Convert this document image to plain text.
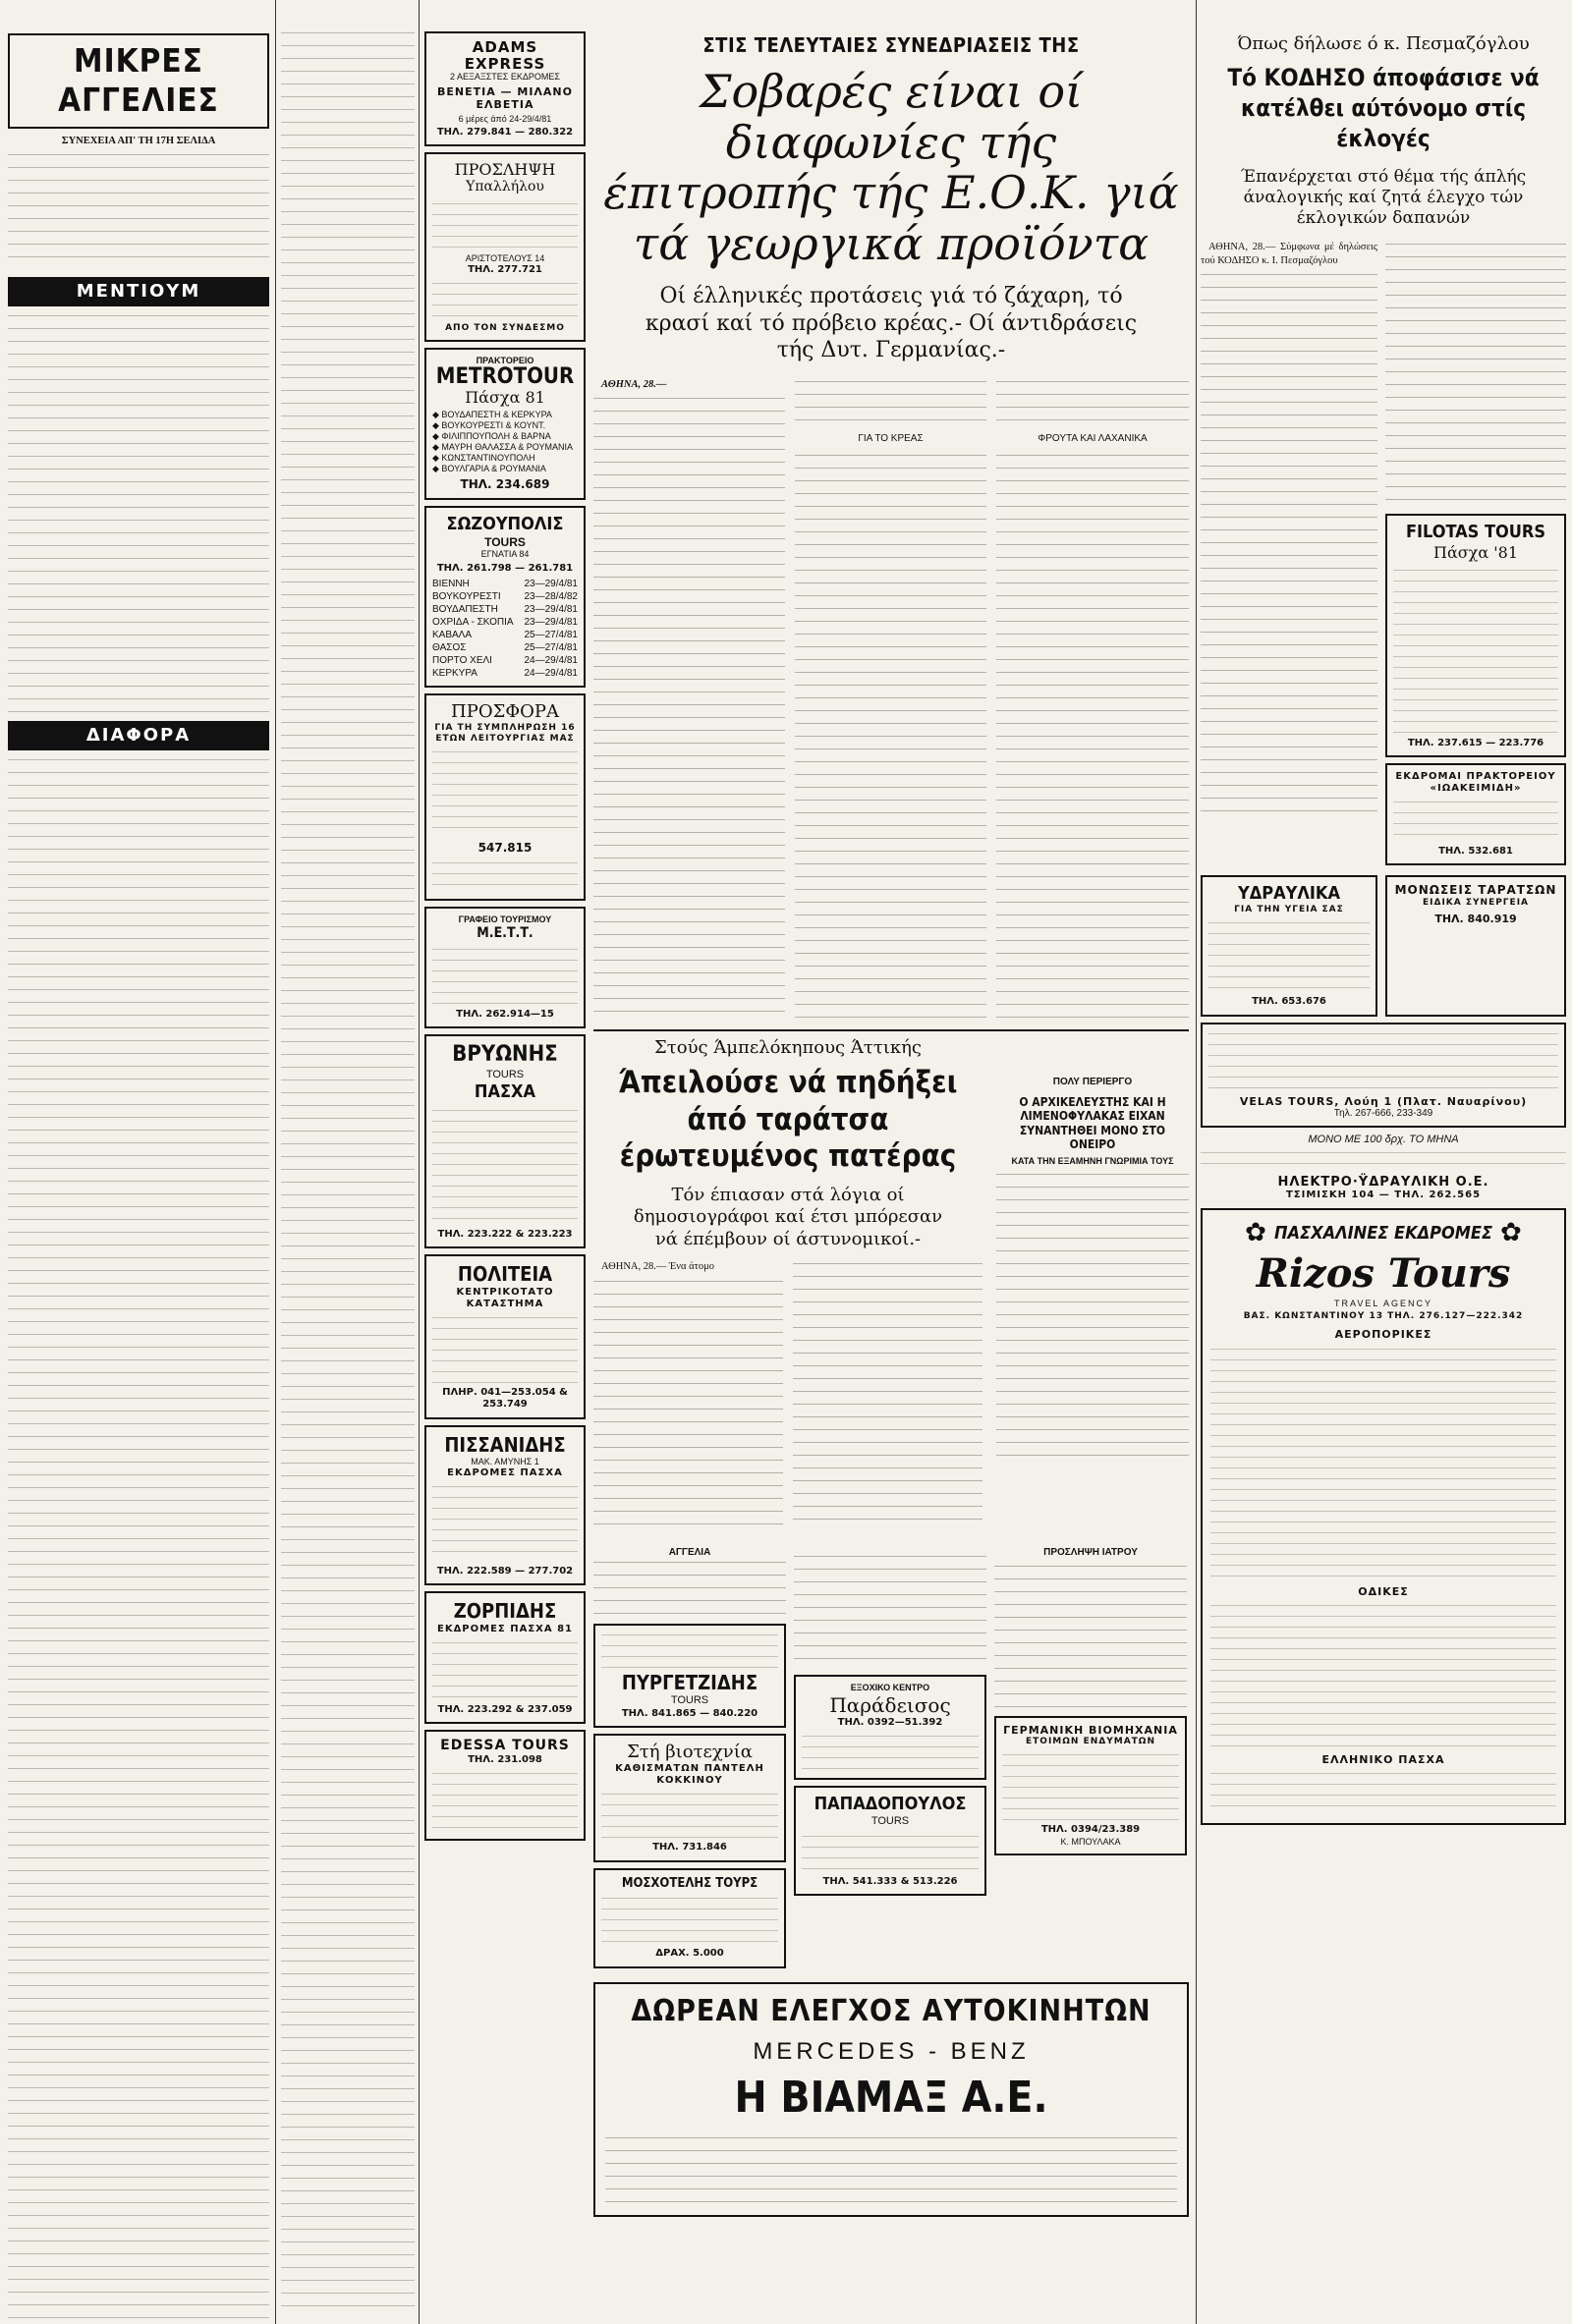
ΜΙΚΡΕΣ ΑΓΓΕΛΙΕΣ

ΣΥΝΕΧΕΙΑ ΑΠ' ΤΗ 17Η ΣΕΛΙΔΑ

ΜΕΝΤΙΟΥΜ
ΔΙΑΦΟΡΑ
ADAMS EXPRESS
2 ΑΕΞΑΞΣΤΕΣ ΕΚΔΡΟΜΕΣ
ΒΕΝΕΤΙΑ — ΜΙΛΑΝΟ ΕΛΒΕΤΙΑ
6 μέρες άπό 24-29/4/81
ΤΗΛ. 279.841 — 280.322
ΠΡΟΣΛΗΨΗ
Υπαλλήλου
ΑΡΙΣΤΟΤΕΛΟΥΣ 14
ΤΗΛ. 277.721
ΑΠΟ ΤΟΝ ΣΥΝΔΕΣΜΟ
ΠΡΑΚΤΟΡΕΙΟ
METROTOUR
Πάσχα 81
◆ ΒΟΥΔΑΠΕΣΤΗ & ΚΕΡΚΥΡΑ
◆ ΒΟΥΚΟΥΡΕΣΤΙ & ΚΟΥΝΤ.
◆ ΦΙΛΙΠΠΟΥΠΟΛΗ & ΒΑΡΝΑ
◆ ΜΑΥΡΗ ΘΑΛΑΣΣΑ & ΡΟΥΜΑΝΙΑ
◆ ΚΩΝΣΤΑΝΤΙΝΟΥΠΟΛΗ
◆ ΒΟΥΛΓΑΡΙΑ & ΡΟΥΜΑΝΙΑ
ΤΗΛ. 234.689
ΣΩΖΟΥΠΟΛΙΣ
TOURS
ΕΓΝΑΤΙΑ 84
ΤΗΛ. 261.798 — 261.781
ΒΙΕΝΝΗ	23—29/4/81
ΒΟΥΚΟΥΡΕΣΤΙ 23—28/4/82
ΒΟΥΔΑΠΕΣΤΗ	23—29/4/81
ΟΧΡΙΔΑ - ΣΚΟΠΙΑ 23—29/4/81
ΚΑΒΑΛΑ	25—27/4/81
ΘΑΣΟΣ	25—27/4/81
ΠΟΡΤΟ ΧΕΛΙ	24—29/4/81
ΚΕΡΚΥΡΑ	24—29/4/81
ΠΡΟΣΦΟΡΑ
ΓΙΑ ΤΗ ΣΥΜΠΛΗΡΩΣΗ 16 ΕΤΩΝ ΛΕΙΤΟΥΡΓΙΑΣ ΜΑΣ
547.815
ΓΡΑΦΕΙΟ ΤΟΥΡΙΣΜΟΥ
Μ.Ε.Τ.Τ.
ΤΗΛ. 262.914—15
ΒΡΥΩΝΗΣ
TOURS
ΠΑΣΧΑ
ΤΗΛ. 223.222 & 223.223
ΠΟΛΙΤΕΙΑ
ΚΕΝΤΡΙΚΟΤΑΤΟ ΚΑΤΑΣΤΗΜΑ
ΠΛΗΡ. 041—253.054 & 253.749
ΠΙΣΣΑΝΙΔΗΣ
ΜΑΚ. ΑΜΥΝΗΣ 1
ΕΚΔΡΟΜΕΣ ΠΑΣΧΑ
ΤΗΛ. 222.589 — 277.702
ΖΟΡΠΙΔΗΣ
ΕΚΔΡΟΜΕΣ ΠΑΣΧΑ 81
ΤΗΛ. 223.292 & 237.059
EDESSA TOURS
ΤΗΛ. 231.098
ΣΤΙΣ ΤΕΛΕΥΤΑΙΕΣ ΣΥΝΕΔΡΙΑΣΕΙΣ ΤΗΣ
Σοβαρές είναι οί διαφωνίες τής έπιτροπής τής Ε.Ο.Κ. γιά τά γεωργικά προϊόντα
Οί έλληνικές προτάσεις γιά τό ζάχαρη, τό κρασί καί τό πρόβειο κρέας.- Οί άντιδράσεις τής Δυτ. Γερμανίας.-

ΑΘΗΝΑ, 28.—

ΓΙΑ ΤΟ ΚΡΕΑΣ	ΦΡΟΥΤΑ ΚΑΙ ΛΑΧΑΝΙΚΑ
Στούς Άμπελόκηπους Άττικής
Άπειλούσε νά πηδήξει άπό ταράτσα έρωτευμένος πατέρας
Τόν έπιασαν στά λόγια οί δημοσιογράφοι καί έτσι μπόρεσαν νά έπέμβουν οί άστυνομικοί.-

ΑΘΗΝΑ, 28.— Ένα άτομο

ΠΟΛΥ ΠΕΡΙΕΡΓΟ
Ο ΑΡΧΙΚΕΛΕΥΣΤΗΣ ΚΑΙ Η ΛΙΜΕΝΟΦΥΛΑΚΑΣ ΕΙΧΑΝ ΣΥΝΑΝΤΗΘΕΙ ΜΟΝΟ ΣΤΟ ΟΝΕΙΡΟ
ΚΑΤΑ ΤΗΝ ΕΞΑΜΗΝΗ ΓΝΩΡΙΜΙΑ ΤΟΥΣ
ΑΓΓΕΛΙΑ
ΠΥΡΓΕΤΖΙΔΗΣ
TOURS
ΤΗΛ. 841.865 — 840.220
Στή βιοτεχνία
ΚΑΘΙΣΜΑΤΩΝ ΠΑΝΤΕΛΗ ΚΟΚΚΙΝΟΥ
ΤΗΛ. 731.846
ΜΟΣΧΟΤΕΛΗΣ ΤΟΥΡΣ
ΔΡΑΧ. 5.000
ΕΞΟΧΙΚΟ ΚΕΝΤΡΟ
Παράδεισος
ΤΗΛ. 0392—51.392
ΠΑΠΑΔΟΠΟΥΛΟΣ
TOURS
ΤΗΛ. 541.333 & 513.226
ΠΡΟΣΛΗΨΗ ΙΑΤΡΟΥ
ΓΕΡΜΑΝΙΚΗ ΒΙΟΜΗΧΑΝΙΑ
ΕΤΟΙΜΩΝ ΕΝΔΥΜΑΤΩΝ
ΤΗΛ. 0394/23.389
Κ. ΜΠΟΥΛΑΚΑ
ΔΩΡΕΑΝ ΕΛΕΓΧΟΣ ΑΥΤΟΚΙΝΗΤΩΝ
MERCEDES - BENZ
Η ΒΙΑΜΑΞ Α.Ε.
Όπως δήλωσε ό κ. Πεσμαζόγλου
Τό ΚΟΔΗΣΟ άποφάσισε νά κατέλθει αύτόνομο στίς έκλογές
Έπανέρχεται στό θέμα τής άπλής άναλογικής καί ζητά έλεγχο τών έκλογικών δαπανών

ΑΘΗΝΑ, 28.— Σύμφωνα μέ δηλώσεις τού ΚΟΔΗΣΟ κ. Ι. Πεσμαζόγλου

FILOTAS TOURS
Πάσχα '81
ΤΗΛ. 237.615 — 223.776
ΕΚΔΡΟΜΑΙ ΠΡΑΚΤΟΡΕΙΟΥ «ΙΩΑΚΕΙΜΙΔΗ»
ΤΗΛ. 532.681
ΥΔΡΑΥΛΙΚΑ
ΓΙΑ ΤΗΝ ΥΓΕΙΑ ΣΑΣ
ΤΗΛ. 653.676
ΜΟΝΩΣΕΙΣ ΤΑΡΑΤΣΩΝ
ΕΙΔΙΚΑ ΣΥΝΕΡΓΕΙΑ
ΤΗΛ. 840.919
VELAS TOURS, Λούη 1 (Πλατ. Ναυαρίνου)
Τηλ. 267-666, 233-349
ΜΟΝΟ ΜΕ 100 δρχ. ΤΟ ΜΗΝΑ
ΗΛΕΚΤΡΟ·ΫΔΡΑΥΛΙΚΗ Ο.Ε.
ΤΣΙΜΙΣΚΗ 104 — ΤΗΛ. 262.565
✿ ΠΑΣΧΑΛΙΝΕΣ ΕΚΔΡΟΜΕΣ ✿
Rizos Tours
TRAVEL AGENCY
ΒΑΣ. ΚΩΝΣΤΑΝΤΙΝΟΥ 13 ΤΗΛ. 276.127—222.342
ΑΕΡΟΠΟΡΙΚΕΣ
ΟΔΙΚΕΣ
ΕΛΛΗΝΙΚΟ ΠΑΣΧΑ
